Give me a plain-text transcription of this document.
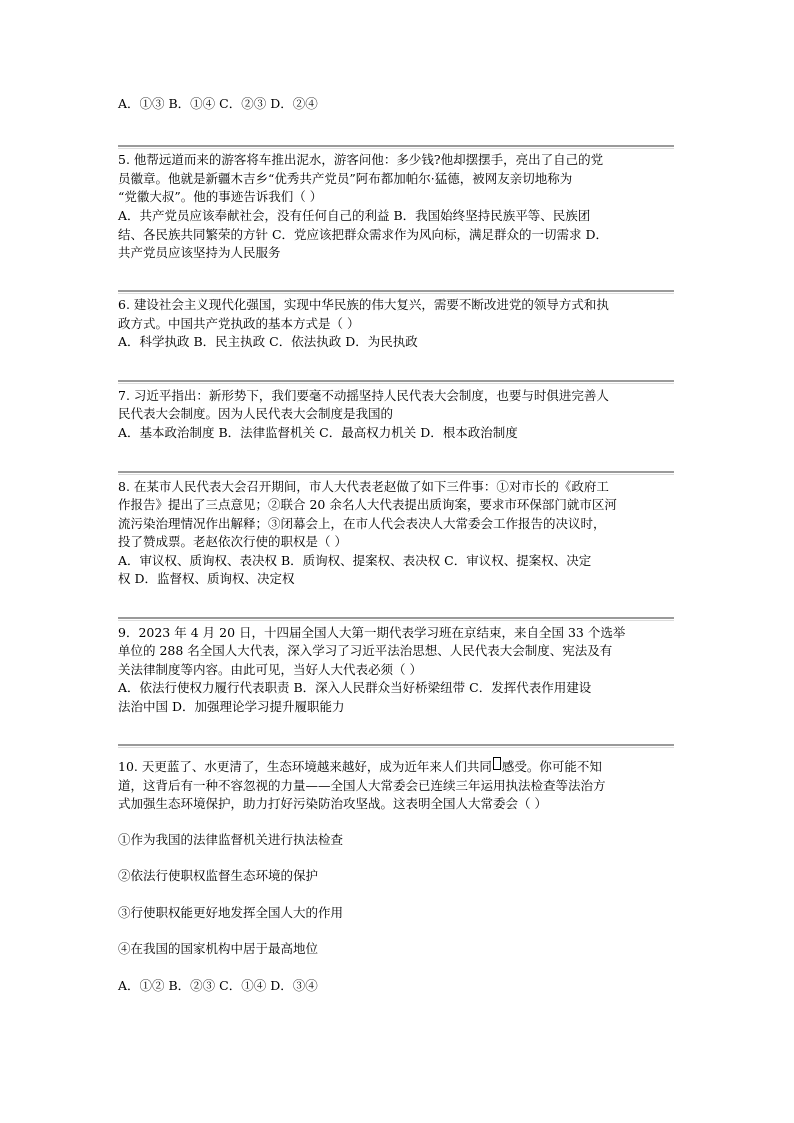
A．①③ B．①④ C．②③ D．②④
5. 他帮远道而来的游客将车推出泥水，游客问他：多少钱?他却摆摆手，亮出了自己的党
员徽章。他就是新疆木吉乡“优秀共产党员”阿布都加帕尔·猛德，被网友亲切地称为
“党徽大叔”。他的事迹告诉我们（ ）
A．共产党员应该奉献社会，没有任何自己的利益 B．我国始终坚持民族平等、民族团
结、各民族共同繁荣的方针 C．党应该把群众需求作为风向标，满足群众的一切需求 D．
共产党员应该坚持为人民服务
6. 建设社会主义现代化强国，实现中华民族的伟大复兴，需要不断改进党的领导方式和执
政方式。中国共产党执政的基本方式是（ ）
A．科学执政 B．民主执政 C．依法执政 D．为民执政
7. 习近平指出：新形势下，我们要毫不动摇坚持人民代表大会制度，也要与时俱进完善人
民代表大会制度。因为人民代表大会制度是我国的
A．基本政治制度 B．法律监督机关 C．最高权力机关 D．根本政治制度
8. 在某市人民代表大会召开期间，市人大代表老赵做了如下三件事：①对市长的《政府工
作报告》提出了三点意见；②联合 20 余名人大代表提出质询案，要求市环保部门就市区河
流污染治理情况作出解释；③闭幕会上，在市人代会表决人大常委会工作报告的决议时，
投了赞成票。老赵依次行使的职权是（ ）
A．审议权、质询权、表决权 B．质询权、提案权、表决权 C．审议权、提案权、决定
权 D．监督权、质询权、决定权
9．2023 年 4 月 20 日，十四届全国人大第一期代表学习班在京结束，来自全国 33 个选举
单位的 288 名全国人大代表，深入学习了习近平法治思想、人民代表大会制度、宪法及有
关法律制度等内容。由此可见，当好人大代表必须（ ）
A．依法行使权力履行代表职责 B．深入人民群众当好桥梁纽带 C．发挥代表作用建设
法治中国 D．加强理论学习提升履职能力
10. 天更蓝了、水更清了，生态环境越来越好，成为近年来人们共同 感受。你可能不知
道，这背后有一种不容忽视的力量——全国人大常委会已连续三年运用执法检查等法治方
式加强生态环境保护，助力打好污染防治攻坚战。这表明全国人大常委会（ ）
①作为我国的法律监督机关进行执法检查
②依法行使职权监督生态环境的保护
③行使职权能更好地发挥全国人大的作用
④在我国的国家机构中居于最高地位
A．①② B．②③ C．①④ D．③④
